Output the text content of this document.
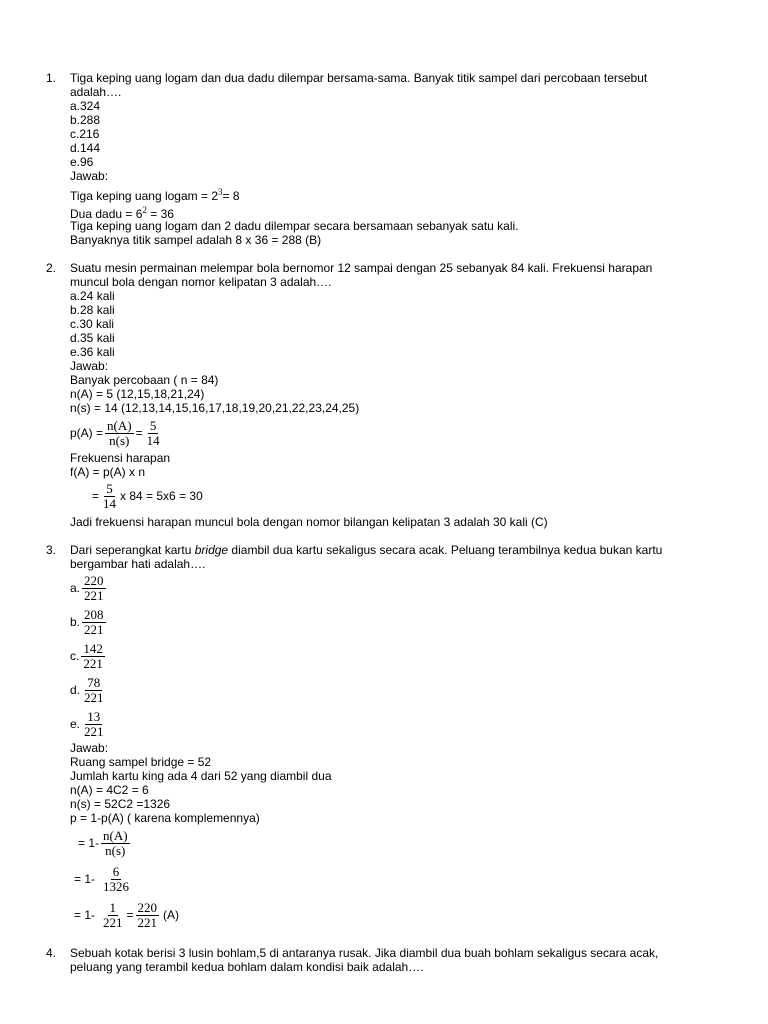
1. Tiga keping uang logam dan dua dadu dilempar bersama-sama. Banyak titik sampel dari percobaan tersebut
adalah….
a.324
b.288
c.216
d.144
e.96
Jawab:
Tiga keping uang logam = $2^3= 8$
Dua dadu = $6^2 = 36$
Tiga keping uang logam dan 2 dadu dilempar secara bersamaan sebanyak satu kali.
Banyaknya titik sampel adalah 8 x 36 = 288 (B)
2. Suatu mesin permainan melempar bola bernomor 12 sampai dengan 25 sebanyak 84 kali. Frekuensi harapan
muncul bola dengan nomor kelipatan 3 adalah….
a.24 kali
b.28 kali
c.30 kali
d.35 kali
e.36 kali
Jawab:
Banyak percobaan ( n = 84)
n(A) = 5 (12,15,18,21,24)
n(s) = 14 (12,13,14,15,16,17,18,19,20,21,22,23,24,25)
$p(A) = \frac{n(A)}{n(s)} = \frac{5}{14}$
Frekuensi harapan
f(A) = p(A) x n
= $\frac{5}{14}$ x 84 = 5x6 = 30
Jadi frekuensi harapan muncul bola dengan nomor bilangan kelipatan 3 adalah 30 kali (C)
3. Dari seperangkat kartu bridge diambil dua kartu sekaligus secara acak. Peluang terambilnya kedua bukan kartu
bergambar hati adalah….
a. $\frac{220}{221}$
b. $\frac{208}{221}$
c. $\frac{142}{221}$
d. $\frac{78}{221}$
e. $\frac{13}{221}$
Jawab:
Ruang sampel bridge = 52
Jumlah kartu king ada 4 dari 52 yang diambil dua
n(A) = 4C2 = 6
n(s) = 52C2 =1326
p = 1-p(A) ( karena komplemennya)
= $1- \frac{n(A)}{n(s)}$
= $1- \frac{6}{1326}$
= $1- \frac{1}{221} = \frac{220}{221} (A)$
4. Sebuah kotak berisi 3 lusin bohlam,5 di antaranya rusak. Jika diambil dua buah bohlam sekaligus secara acak,
peluang yang terambil kedua bohlam dalam kondisi baik adalah….
